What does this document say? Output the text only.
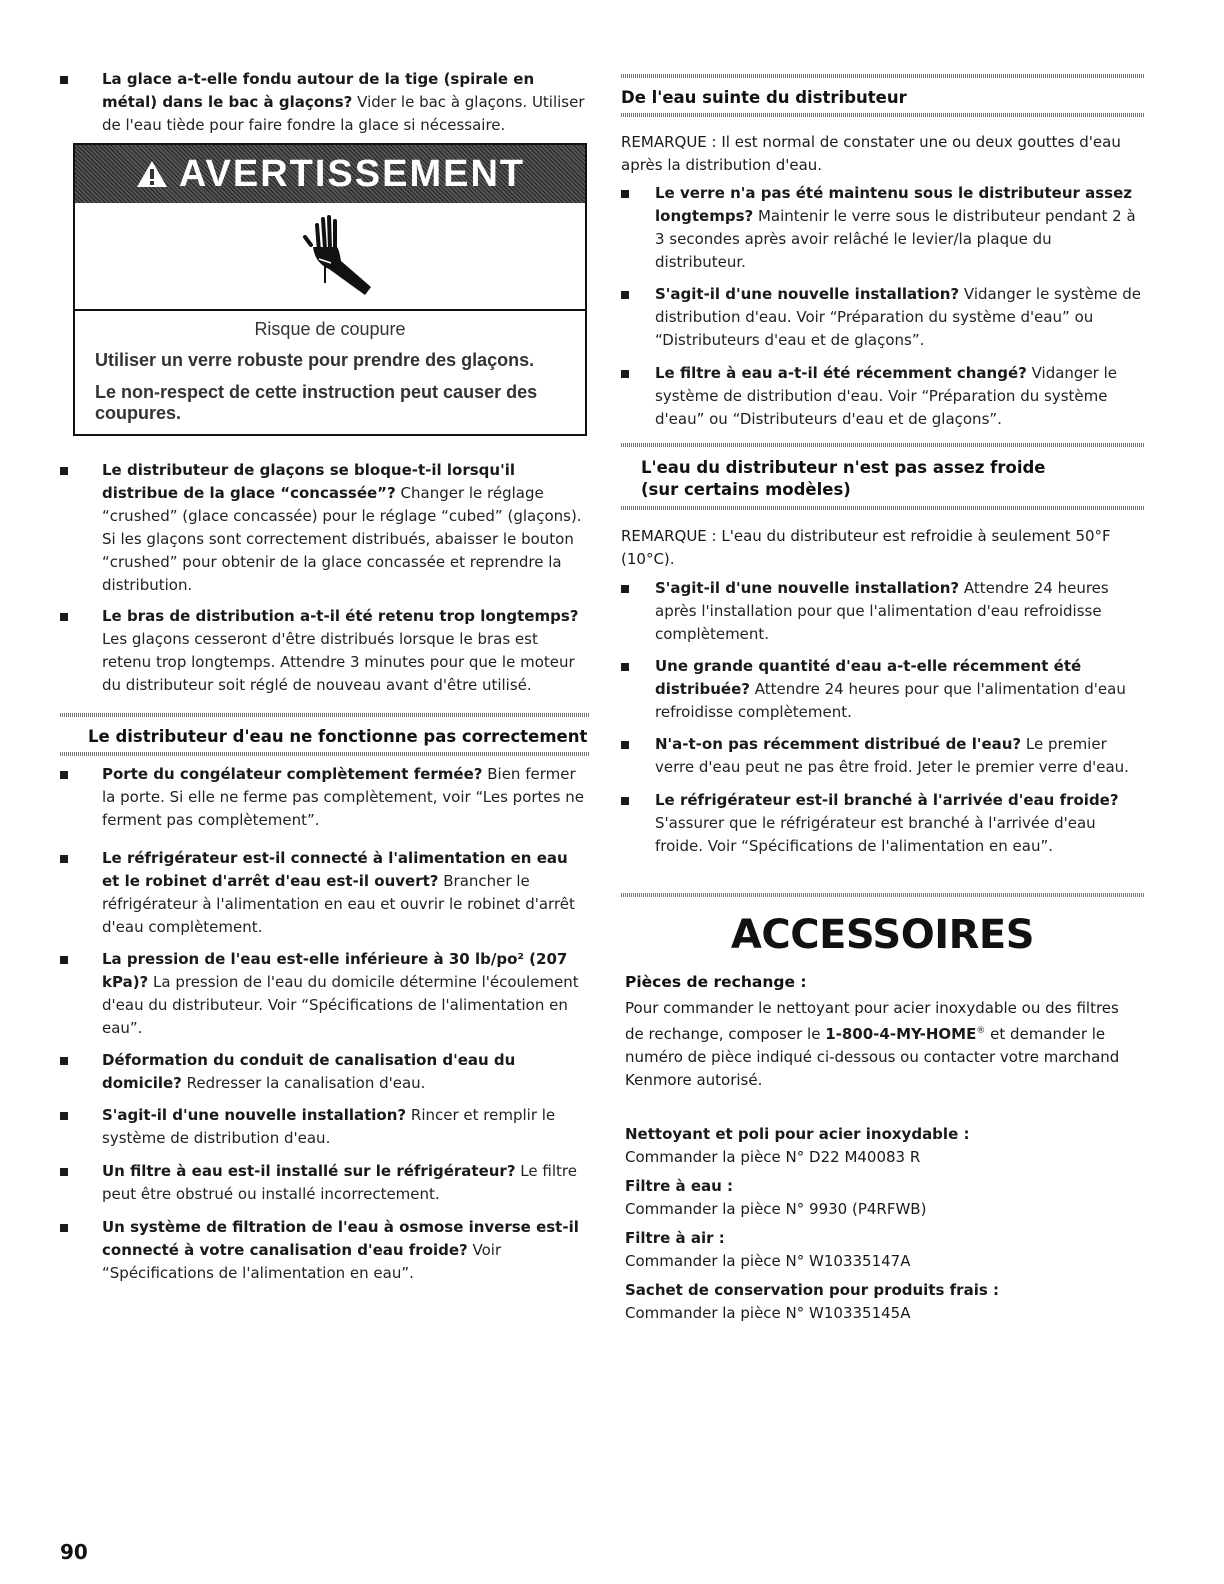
La glace a-t-elle fondu autour de la tige (spirale en métal) dans le bac à glaçons? Vider le bac à glaçons. Utiliser de l'eau tiède pour faire fondre la glace si nécessaire.
AVERTISSEMENT
Risque de coupure
Utiliser un verre robuste pour prendre des glaçons.
Le non-respect de cette instruction peut causer des coupures.
Le distributeur de glaçons se bloque-t-il lorsqu'il distribue de la glace “concassée”? Changer le réglage “crushed” (glace concassée) pour le réglage “cubed” (glaçons). Si les glaçons sont correctement distribués, abaisser le bouton “crushed” pour obtenir de la glace concassée et reprendre la distribution.
Le bras de distribution a-t-il été retenu trop longtemps? Les glaçons cesseront d'être distribués lorsque le bras est retenu trop longtemps. Attendre 3 minutes pour que le moteur du distributeur soit réglé de nouveau avant d'être utilisé.
Le distributeur d'eau ne fonctionne pas correctement
Porte du congélateur complètement fermée? Bien fermer la porte. Si elle ne ferme pas complètement, voir “Les portes ne ferment pas complètement”.
Le réfrigérateur est-il connecté à l'alimentation en eau et le robinet d'arrêt d'eau est-il ouvert? Brancher le réfrigérateur à l'alimentation en eau et ouvrir le robinet d'arrêt d'eau complètement.
La pression de l'eau est-elle inférieure à 30 lb/po² (207 kPa)? La pression de l'eau du domicile détermine l'écoulement d'eau du distributeur. Voir “Spécifications de l'alimentation en eau”.
Déformation du conduit de canalisation d'eau du domicile? Redresser la canalisation d'eau.
S'agit-il d'une nouvelle installation? Rincer et remplir le système de distribution d'eau.
Un filtre à eau est-il installé sur le réfrigérateur? Le filtre peut être obstrué ou installé incorrectement.
Un système de filtration de l'eau à osmose inverse est-il connecté à votre canalisation d'eau froide? Voir “Spécifications de l'alimentation en eau”.
De l'eau suinte du distributeur
REMARQUE : Il est normal de constater une ou deux gouttes d'eau après la distribution d'eau.
Le verre n'a pas été maintenu sous le distributeur assez longtemps? Maintenir le verre sous le distributeur pendant 2 à 3 secondes après avoir relâché le levier/la plaque du distributeur.
S'agit-il d'une nouvelle installation? Vidanger le système de distribution d'eau. Voir “Préparation du système d'eau” ou “Distributeurs d'eau et de glaçons”.
Le filtre à eau a-t-il été récemment changé? Vidanger le système de distribution d'eau. Voir “Préparation du système d'eau” ou “Distributeurs d'eau et de glaçons”.
L'eau du distributeur n'est pas assez froide
(sur certains modèles)
REMARQUE : L'eau du distributeur est refroidie à seulement 50°F (10°C).
S'agit-il d'une nouvelle installation? Attendre 24 heures après l'installation pour que l'alimentation d'eau refroidisse complètement.
Une grande quantité d'eau a-t-elle récemment été distribuée? Attendre 24 heures pour que l'alimentation d'eau refroidisse complètement.
N'a-t-on pas récemment distribué de l'eau? Le premier verre d'eau peut ne pas être froid. Jeter le premier verre d'eau.
Le réfrigérateur est-il branché à l'arrivée d'eau froide? S'assurer que le réfrigérateur est branché à l'arrivée d'eau froide. Voir “Spécifications de l'alimentation en eau”.
ACCESSOIRES
Pièces de rechange :
Pour commander le nettoyant pour acier inoxydable ou des filtres de rechange, composer le 1-800-4-MY-HOME® et demander le numéro de pièce indiqué ci-dessous ou contacter votre marchand Kenmore autorisé.
Nettoyant et poli pour acier inoxydable :
Commander la pièce N° D22 M40083 R
Filtre à eau :
Commander la pièce N° 9930 (P4RFWB)
Filtre à air :
Commander la pièce N° W10335147A
Sachet de conservation pour produits frais :
Commander la pièce N° W10335145A
90
